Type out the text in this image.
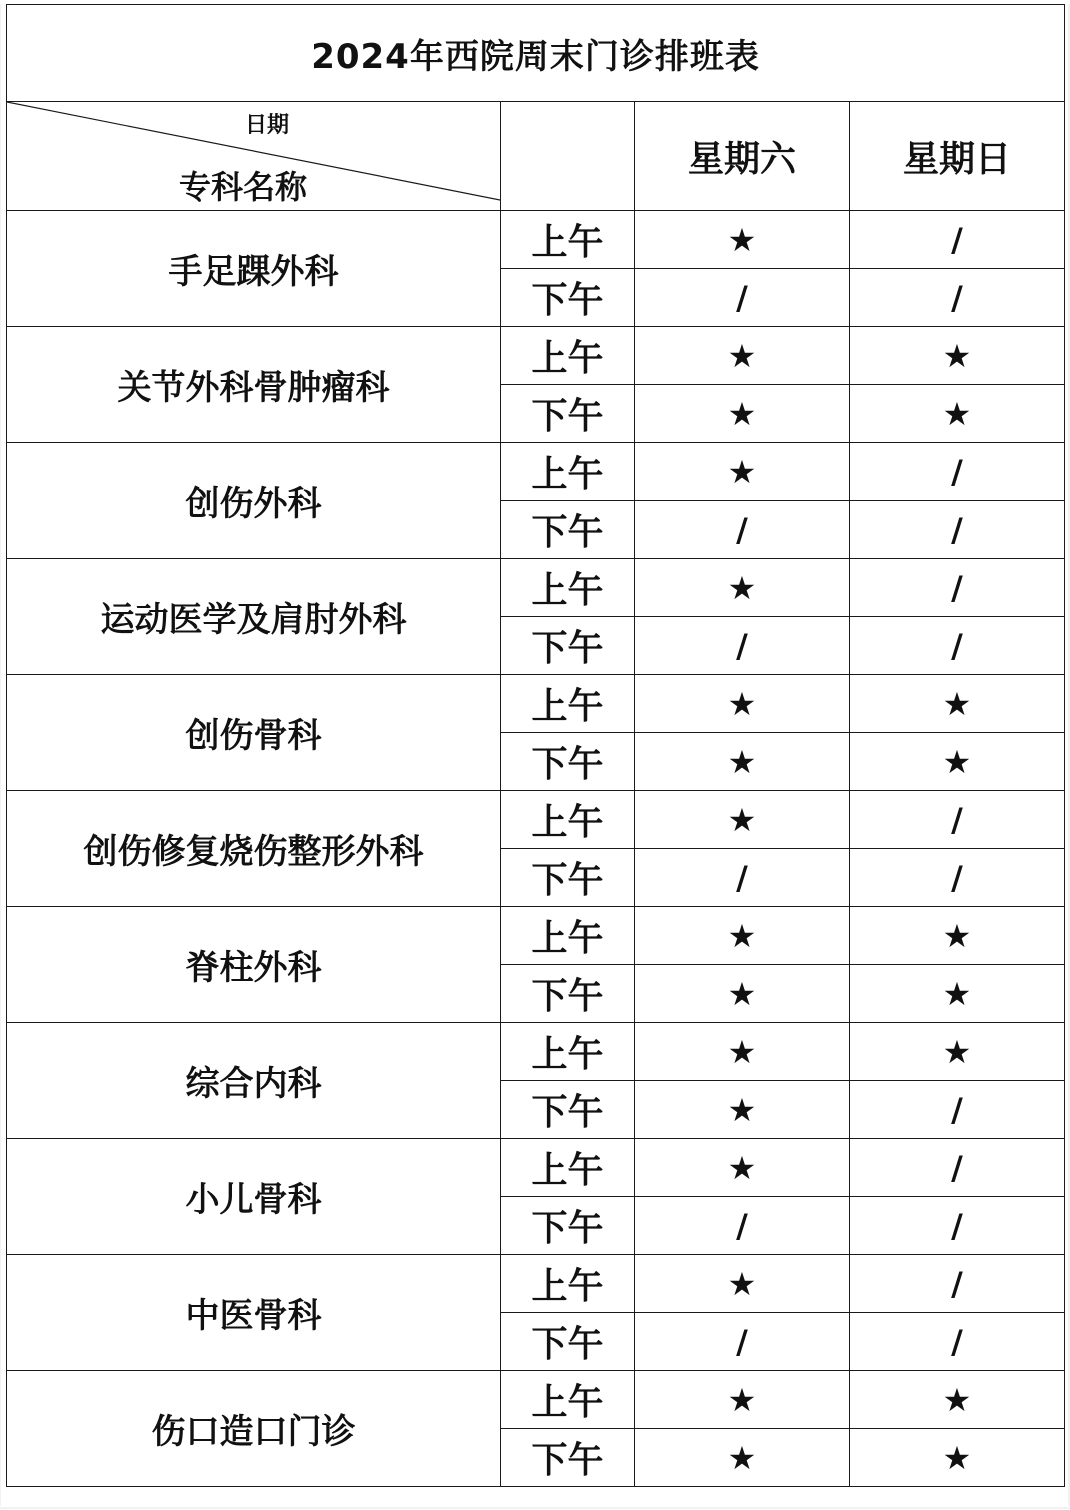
2024年西院周末门诊排班表			

日期
专科名称		星期六	星期日
手足踝外科	上午	★	/
	下午	/	/
关节外科骨肿瘤科	上午	★	★
	下午	★	★
创伤外科	上午	★	/
	下午	/	/
运动医学及肩肘外科	上午	★	/
	下午	/	/
创伤骨科	上午	★	★
	下午	★	★
创伤修复烧伤整形外科	上午	★	/
	下午	/	/
脊柱外科	上午	★	★
	下午	★	★
综合内科	上午	★	★
	下午	★	/
小儿骨科	上午	★	/
	下午	/	/
中医骨科	上午	★	/
	下午	/	/
伤口造口门诊	上午	★	★
	下午	★	★
